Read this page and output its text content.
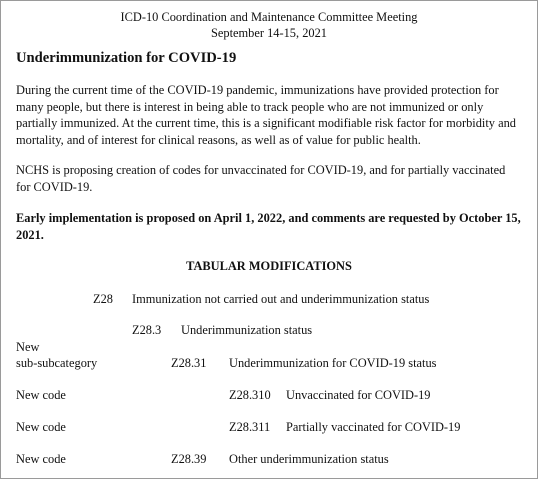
ICD-10 Coordination and Maintenance Committee Meeting
September 14-15, 2021
Underimmunization for COVID-19
During the current time of the COVID-19 pandemic, immunizations have provided protection for many people, but there is interest in being able to track people who are not immunized or only partially immunized. At the current time, this is a significant modifiable risk factor for morbidity and mortality, and of interest for clinical reasons, as well as of value for public health.
NCHS is proposing creation of codes for unvaccinated for COVID-19, and for partially vaccinated for COVID-19.
Early implementation is proposed on April 1, 2022, and comments are requested by October 15, 2021.
TABULAR MODIFICATIONS
Z28 Immunization not carried out and underimmunization status
Z28.3 Underimmunization status
New
sub-subcategory	Z28.31 Underimmunization for COVID-19 status
New code	Z28.310 Unvaccinated for COVID-19
New code	Z28.311 Partially vaccinated for COVID-19
New code	Z28.39 Other underimmunization status
